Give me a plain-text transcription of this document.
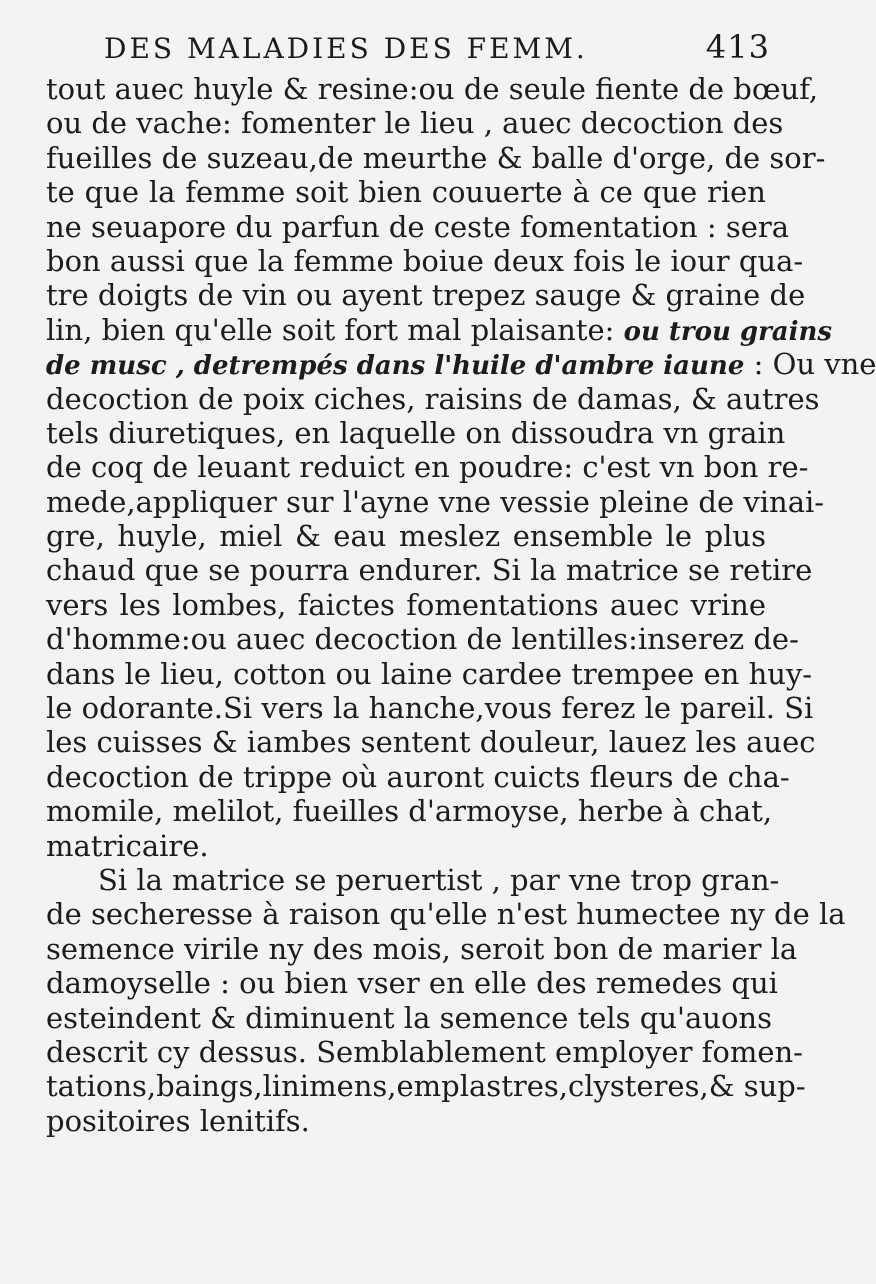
DES MALADIES DES FEMM.	413
tout auec huyle & resine:ou de seule fiente de bœuf,
ou de vache: fomenter le lieu , auec decoction des
fueilles de suzeau,de meurthe & balle d'orge, de sor-
te que la femme soit bien couuerte à ce que rien
ne seuapore du parfun de ceste fomentation : sera
bon aussi que la femme boiue deux fois le iour qua-
tre doigts de vin ou ayent trepez sauge & graine de
lin, bien qu'elle soit fort mal plaisante: ou trou grains
de musc , detrempés dans l'huile d'ambre iaune : Ou vne
decoction de poix ciches, raisins de damas, & autres
tels diuretiques, en laquelle on dissoudra vn grain
de coq de leuant reduict en poudre: c'est vn bon re-
mede,appliquer sur l'ayne vne vessie pleine de vinai-
gre, huyle, miel & eau meslez ensemble le plus
chaud que se pourra endurer. Si la matrice se retire
vers les lombes, faictes fomentations auec vrine
d'homme:ou auec decoction de lentilles:inserez de-
dans le lieu, cotton ou laine cardee trempee en huy-
le odorante.Si vers la hanche,vous ferez le pareil. Si
les cuisses & iambes sentent douleur, lauez les auec
decoction de trippe où auront cuicts fleurs de cha-
momile, melilot, fueilles d'armoyse, herbe à chat,
matricaire.
Si la matrice se peruertist , par vne trop gran-
de secheresse à raison qu'elle n'est humectee ny de la
semence virile ny des mois, seroit bon de marier la
damoyselle : ou bien vser en elle des remedes qui
esteindent & diminuent la semence tels qu'auons
descrit cy dessus. Semblablement employer fomen-
tations,baings,linimens,emplastres,clysteres,& sup-
positoires lenitifs.
